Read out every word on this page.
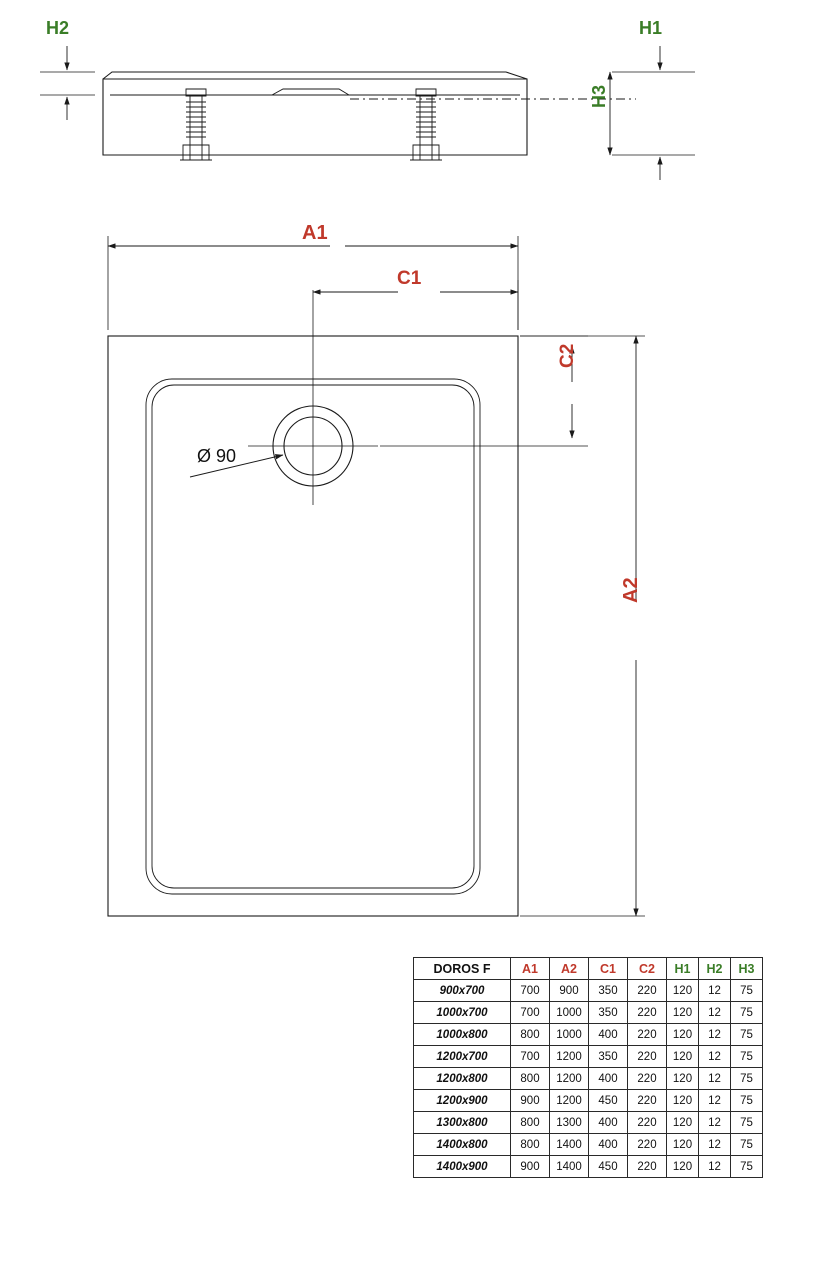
H2	H1
H3
A1
C1
C2
A2
Ø 90
DOROS F	A1	A2	C1	C2	H1	H2	H3
900x700	700	900	350	220	120	12	75
1000x700	700	1000	350	220	120	12	75
1000x800	800	1000	400	220	120	12	75
1200x700	700	1200	350	220	120	12	75
1200x800	800	1200	400	220	120	12	75
1200x900	900	1200	450	220	120	12	75
1300x800	800	1300	400	220	120	12	75
1400x800	800	1400	400	220	120	12	75
1400x900	900	1400	450	220	120	12	75
